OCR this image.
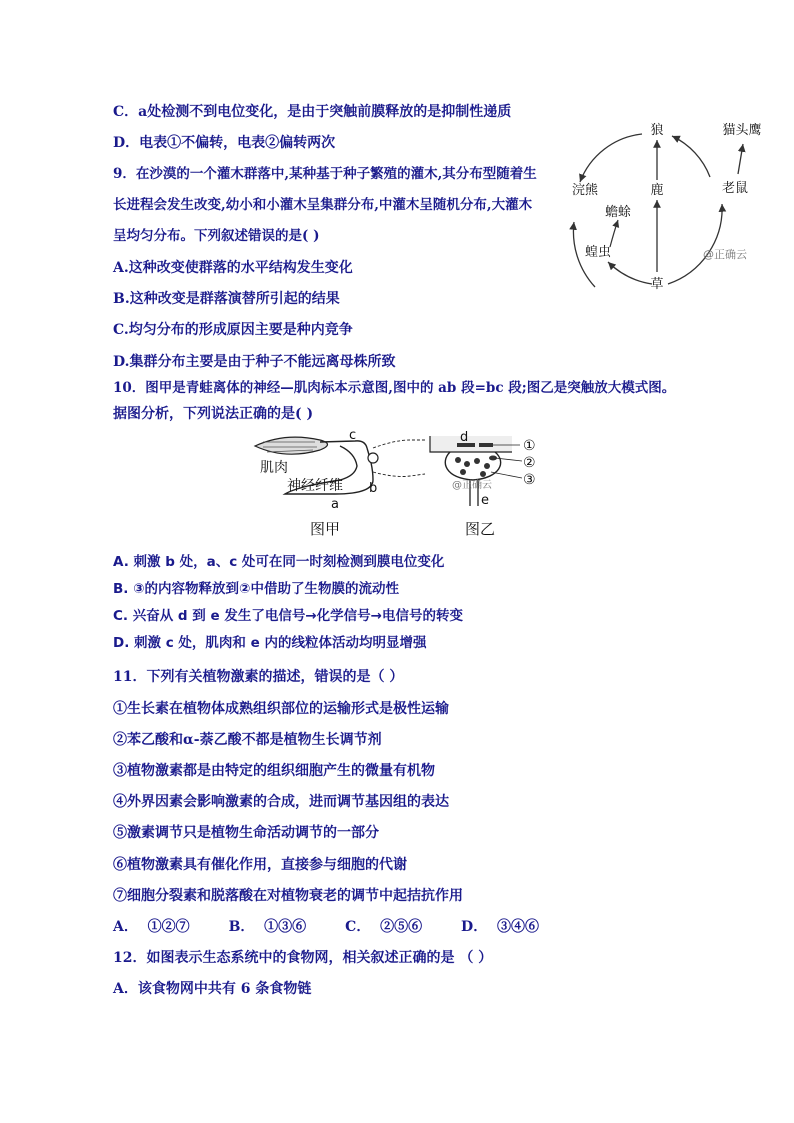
C．a处检测不到电位变化，是由于突触前膜释放的是抑制性递质
D．电表①不偏转，电表②偏转两次
9．在沙漠的一个灌木群落中,某种基于种子繁殖的灌木,其分布型随着生
长进程会发生改变,幼小和小灌木呈集群分布,中灌木呈随机分布,大灌木
呈均匀分布。下列叙述错误的是( )
A.这种改变使群落的水平结构发生变化
B.这种改变是群落演替所引起的结果
C.均匀分布的形成原因主要是种内竞争
D.集群分布主要是由于种子不能远离母株所致
狼	猫头鹰
浣熊	鹿	老鼠
蟾蜍
蝗虫
草
@正确云
10．图甲是青蛙离体的神经—肌肉标本示意图,图中的 ab 段=bc 段;图乙是突触放大模式图。
据图分析，下列说法正确的是( )
c
b
a
肌肉
神经纤维
图甲
d
e
①
②
③
@正确云
图乙
A. 刺激 b 处，a、c 处可在同一时刻检测到膜电位变化
B. ③的内容物释放到②中借助了生物膜的流动性
C. 兴奋从 d 到 e 发生了电信号→化学信号→电信号的转变
D. 刺激 c 处，肌肉和 e 内的线粒体活动均明显增强
11．下列有关植物激素的描述，错误的是（ ）
①生长素在植物体成熟组织部位的运输形式是极性运输
②苯乙酸和α-萘乙酸不都是植物生长调节剂
③植物激素都是由特定的组织细胞产生的微量有机物
④外界因素会影响激素的合成，进而调节基因组的表达
⑤激素调节只是植物生命活动调节的一部分
⑥植物激素具有催化作用，直接参与细胞的代谢
⑦细胞分裂素和脱落酸在对植物衰老的调节中起拮抗作用
A．  ①②⑦        B．  ①③⑥        C．  ②⑤⑥        D．  ③④⑥
12．如图表示生态系统中的食物网，相关叙述正确的是 （ ）
A．该食物网中共有 6 条食物链
